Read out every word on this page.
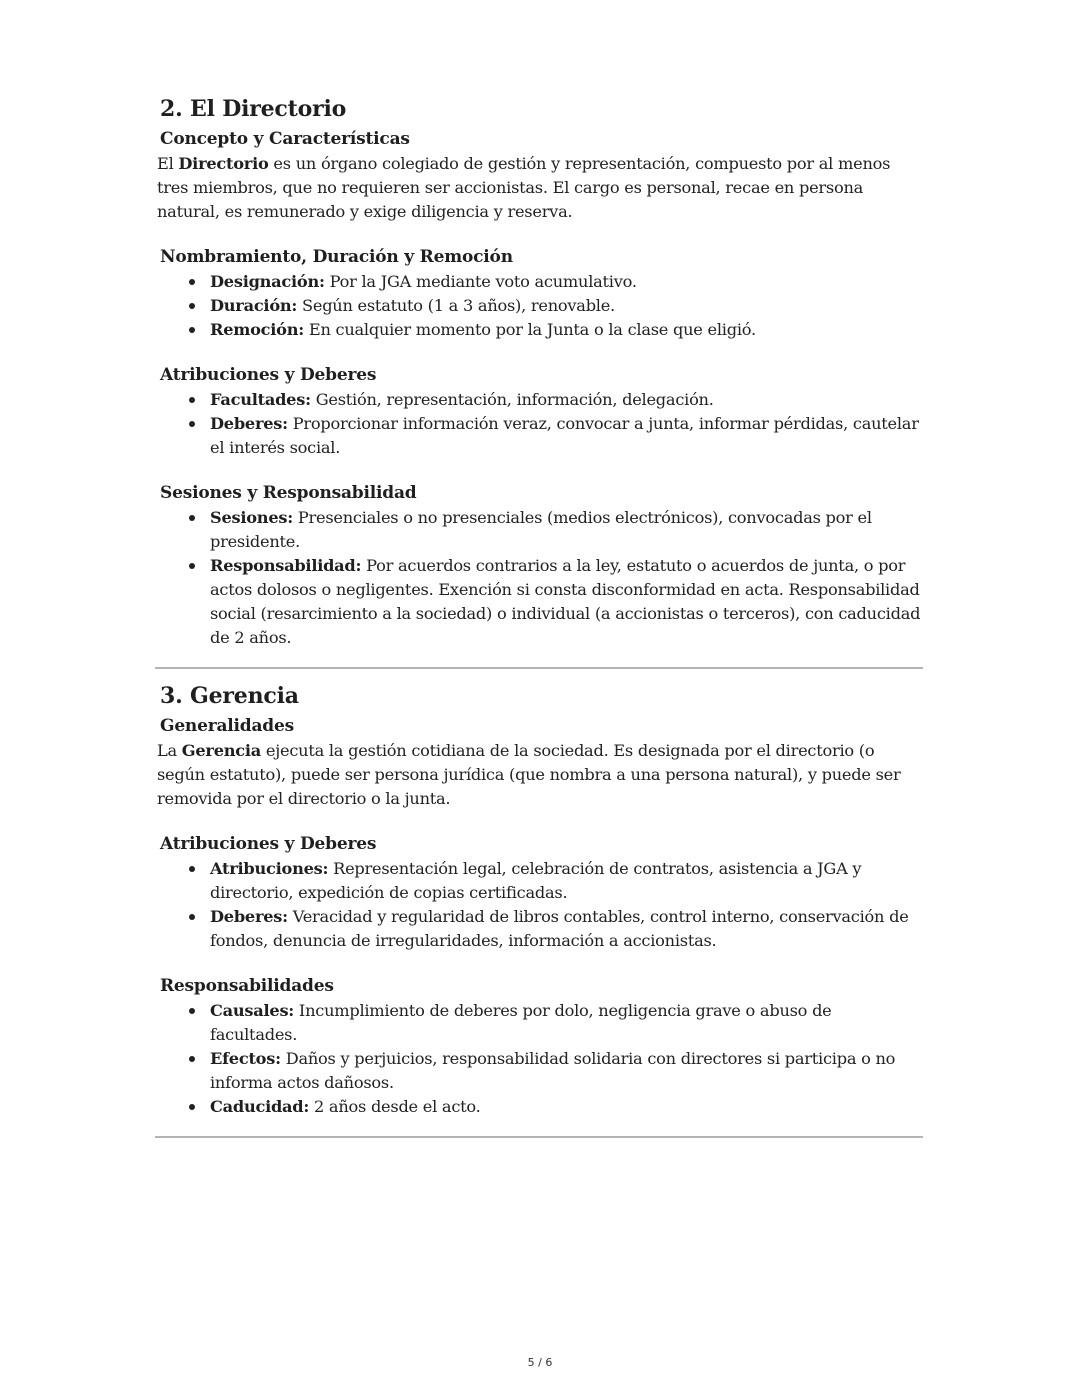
2. El Directorio
Concepto y Características

El Directorio es un órgano colegiado de gestión y representación, compuesto por al menos tres miembros, que no requieren ser accionistas. El cargo es personal, recae en persona natural, es remunerado y exige diligencia y reserva.

Nombramiento, Duración y Remoción
Designación: Por la JGA mediante voto acumulativo.
Duración: Según estatuto (1 a 3 años), renovable.
Remoción: En cualquier momento por la Junta o la clase que eligió.
Atribuciones y Deberes
Facultades: Gestión, representación, información, delegación.
Deberes: Proporcionar información veraz, convocar a junta, informar pérdidas, cautelar el interés social.
Sesiones y Responsabilidad
Sesiones: Presenciales o no presenciales (medios electrónicos), convocadas por el presidente.
Responsabilidad: Por acuerdos contrarios a la ley, estatuto o acuerdos de junta, o por actos dolosos o negligentes. Exención si consta disconformidad en acta. Responsabilidad social (resarcimiento a la sociedad) o individual (a accionistas o terceros), con caducidad de 2 años.
3. Gerencia
Generalidades

La Gerencia ejecuta la gestión cotidiana de la sociedad. Es designada por el directorio (o según estatuto), puede ser persona jurídica (que nombra a una persona natural), y puede ser removida por el directorio o la junta.

Atribuciones y Deberes
Atribuciones: Representación legal, celebración de contratos, asistencia a JGA y directorio, expedición de copias certificadas.
Deberes: Veracidad y regularidad de libros contables, control interno, conservación de fondos, denuncia de irregularidades, información a accionistas.
Responsabilidades
Causales: Incumplimiento de deberes por dolo, negligencia grave o abuso de facultades.
Efectos: Daños y perjuicios, responsabilidad solidaria con directores si participa o no informa actos dañosos.
Caducidad: 2 años desde el acto.
5 / 6
